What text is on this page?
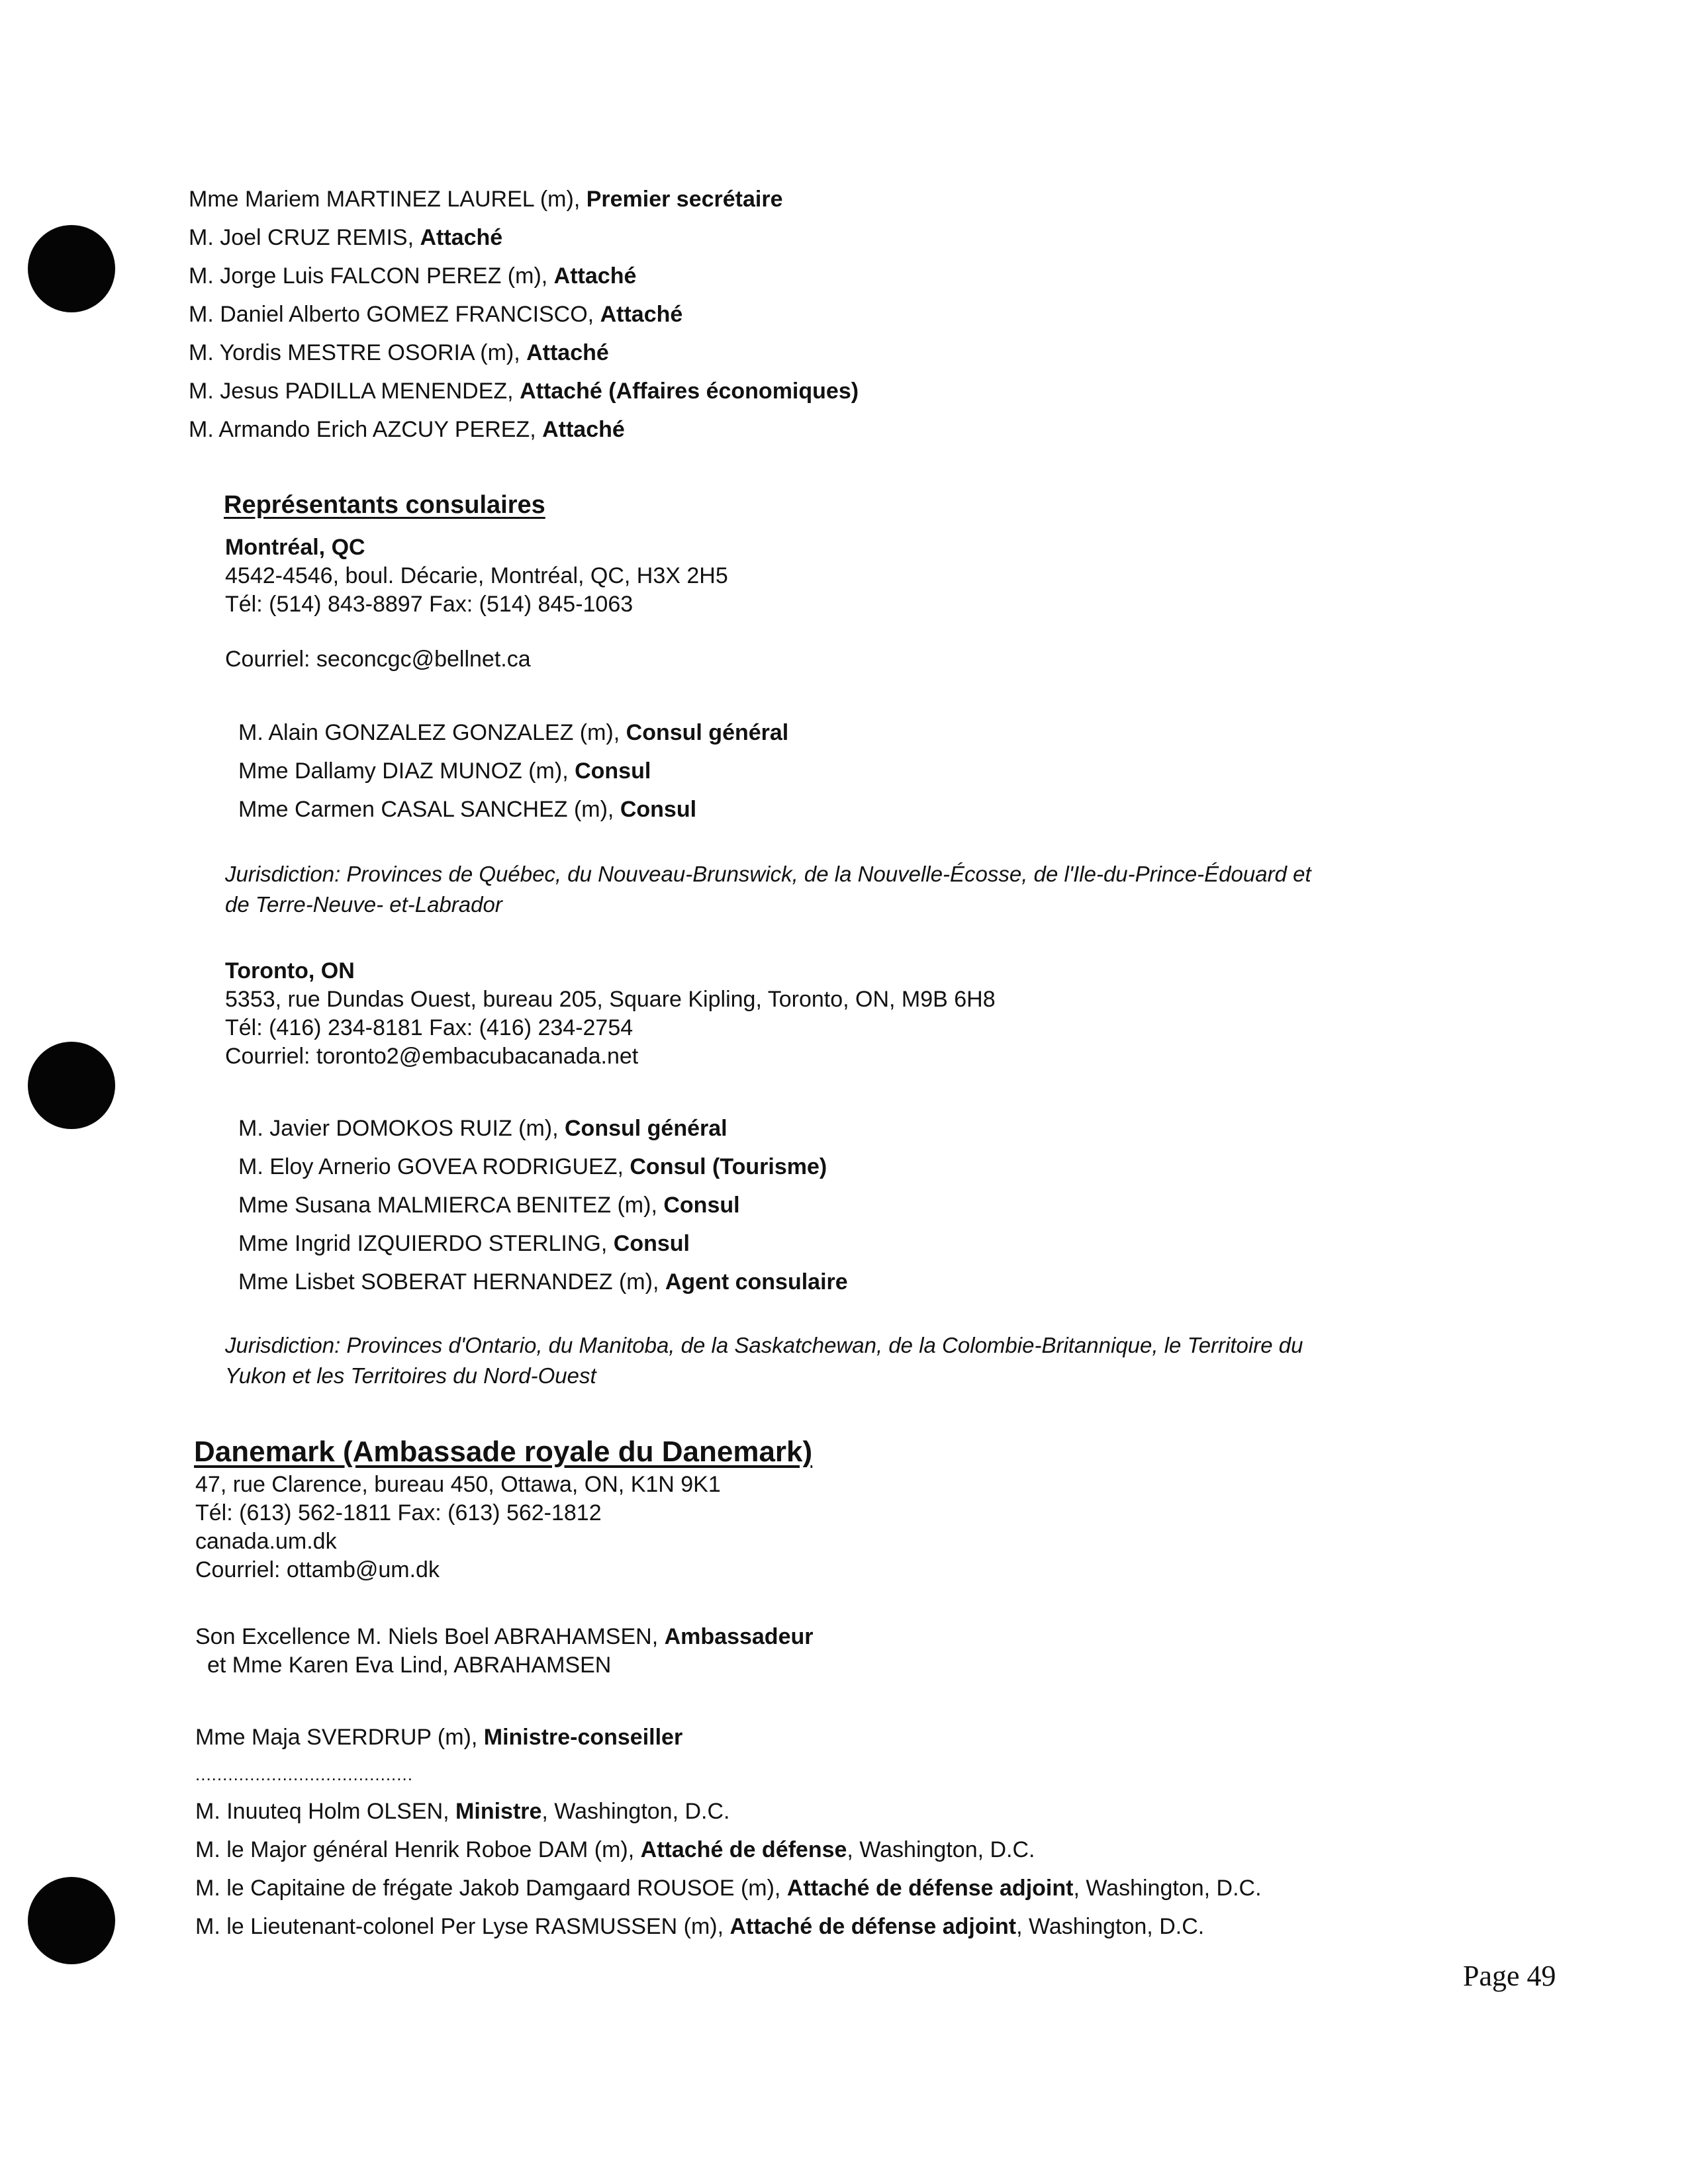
Mme Mariem MARTINEZ LAUREL (m), Premier secrétaire
M. Joel CRUZ REMIS, Attaché
M. Jorge Luis FALCON PEREZ (m), Attaché
M. Daniel Alberto GOMEZ FRANCISCO, Attaché
M. Yordis MESTRE OSORIA (m), Attaché
M. Jesus PADILLA MENENDEZ, Attaché (Affaires économiques)
M. Armando Erich AZCUY PEREZ, Attaché
Représentants consulaires
Montréal, QC
4542-4546, boul. Décarie, Montréal, QC, H3X 2H5
Tél: (514) 843-8897 Fax: (514) 845-1063
Courriel: seconcgc@bellnet.ca
M. Alain GONZALEZ GONZALEZ (m), Consul général
Mme Dallamy DIAZ MUNOZ (m), Consul
Mme Carmen CASAL SANCHEZ (m), Consul
Jurisdiction: Provinces de Québec, du Nouveau-Brunswick, de la Nouvelle-Écosse, de l'Ile-du-Prince-Édouard et
de Terre-Neuve- et-Labrador
Toronto, ON
5353, rue Dundas Ouest, bureau 205, Square Kipling, Toronto, ON, M9B 6H8
Tél: (416) 234-8181 Fax: (416) 234-2754
Courriel: toronto2@embacubacanada.net
M. Javier DOMOKOS RUIZ (m), Consul général
M. Eloy Arnerio GOVEA RODRIGUEZ, Consul (Tourisme)
Mme Susana MALMIERCA BENITEZ (m), Consul
Mme Ingrid IZQUIERDO STERLING, Consul
Mme Lisbet SOBERAT HERNANDEZ (m), Agent consulaire
Jurisdiction: Provinces d'Ontario, du Manitoba, de la Saskatchewan, de la Colombie-Britannique, le Territoire du
Yukon et les Territoires du Nord-Ouest
Danemark (Ambassade royale du Danemark)
47, rue Clarence, bureau 450, Ottawa, ON, K1N 9K1
Tél: (613) 562-1811 Fax: (613) 562-1812
canada.um.dk
Courriel: ottamb@um.dk
Son Excellence M. Niels Boel ABRAHAMSEN, Ambassadeur
et Mme Karen Eva Lind, ABRAHAMSEN
Mme Maja SVERDRUP (m), Ministre-conseiller
........................................
M. Inuuteq Holm OLSEN, Ministre, Washington, D.C.
M. le Major général Henrik Roboe DAM (m), Attaché de défense, Washington, D.C.
M. le Capitaine de frégate Jakob Damgaard ROUSOE (m), Attaché de défense adjoint, Washington, D.C.
M. le Lieutenant-colonel Per Lyse RASMUSSEN (m), Attaché de défense adjoint, Washington, D.C.
Page 49
